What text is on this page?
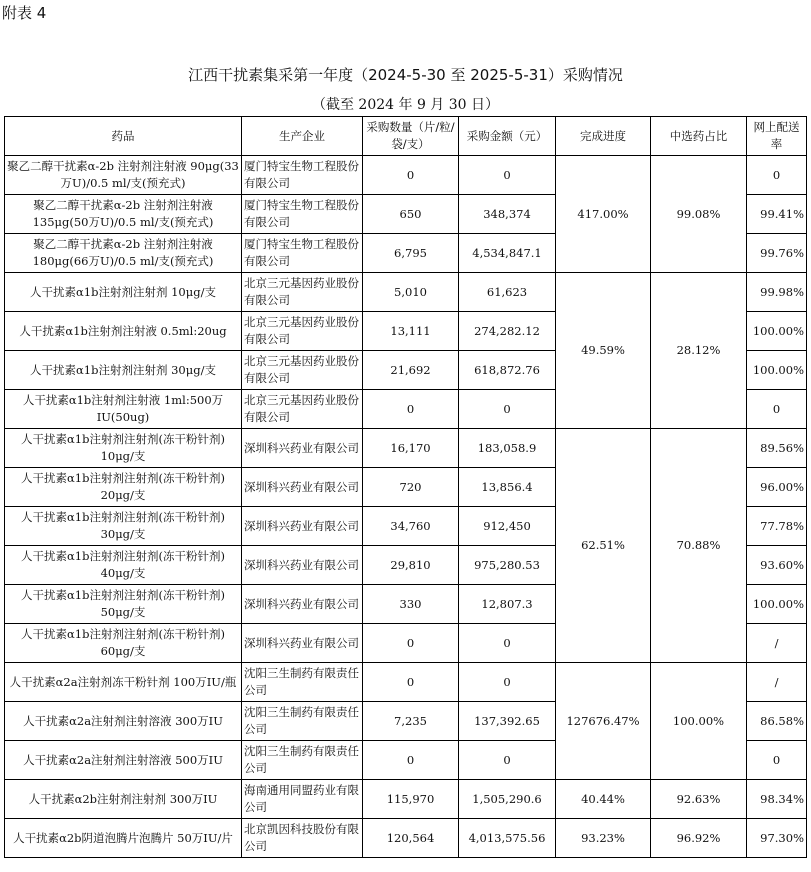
附表 4
江西干扰素集采第一年度（2024-5-30 至 2025-5-31）采购情况
（截至 2024 年 9 月 30 日）
药品	生产企业	采购数量（片/粒/袋/支）	采购金额（元）	完成进度	中选药占比	网上配送率
聚乙二醇干扰素α-2b 注射剂注射液 90μg(33万U)/0.5 ml/支(预充式)	厦门特宝生物工程股份有限公司	0	0	417.00%	99.08%	0
聚乙二醇干扰素α-2b 注射剂注射液 135μg(50万U)/0.5 ml/支(预充式)	厦门特宝生物工程股份有限公司	650	348,374			99.41%
聚乙二醇干扰素α-2b 注射剂注射液 180μg(66万U)/0.5 ml/支(预充式)	厦门特宝生物工程股份有限公司	6,795	4,534,847.1			99.76%
人干扰素α1b注射剂注射剂 10μg/支	北京三元基因药业股份有限公司	5,010	61,623	49.59%	28.12%	99.98%
人干扰素α1b注射剂注射液 0.5ml:20ug	北京三元基因药业股份有限公司	13,111	274,282.12			100.00%
人干扰素α1b注射剂注射剂 30μg/支	北京三元基因药业股份有限公司	21,692	618,872.76			100.00%
人干扰素α1b注射剂注射液 1ml:500万IU(50ug)	北京三元基因药业股份有限公司	0	0			0
人干扰素α1b注射剂注射剂(冻干粉针剂) 10μg/支	深圳科兴药业有限公司	16,170	183,058.9	62.51%	70.88%	89.56%
人干扰素α1b注射剂注射剂(冻干粉针剂) 20μg/支	深圳科兴药业有限公司	720	13,856.4			96.00%
人干扰素α1b注射剂注射剂(冻干粉针剂) 30μg/支	深圳科兴药业有限公司	34,760	912,450			77.78%
人干扰素α1b注射剂注射剂(冻干粉针剂) 40μg/支	深圳科兴药业有限公司	29,810	975,280.53			93.60%
人干扰素α1b注射剂注射剂(冻干粉针剂) 50μg/支	深圳科兴药业有限公司	330	12,807.3			100.00%
人干扰素α1b注射剂注射剂(冻干粉针剂) 60μg/支	深圳科兴药业有限公司	0	0			/
人干扰素α2a注射剂冻干粉针剂 100万IU/瓶	沈阳三生制药有限责任公司	0	0	127676.47%	100.00%	/
人干扰素α2a注射剂注射溶液 300万IU	沈阳三生制药有限责任公司	7,235	137,392.65			86.58%
人干扰素α2a注射剂注射溶液 500万IU	沈阳三生制药有限责任公司	0	0			0
人干扰素α2b注射剂注射剂 300万IU	海南通用同盟药业有限公司	115,970	1,505,290.6	40.44%	92.63%	98.34%
人干扰素α2b阴道泡腾片泡腾片 50万IU/片	北京凯因科技股份有限公司	120,564	4,013,575.56	93.23%	96.92%	97.30%
